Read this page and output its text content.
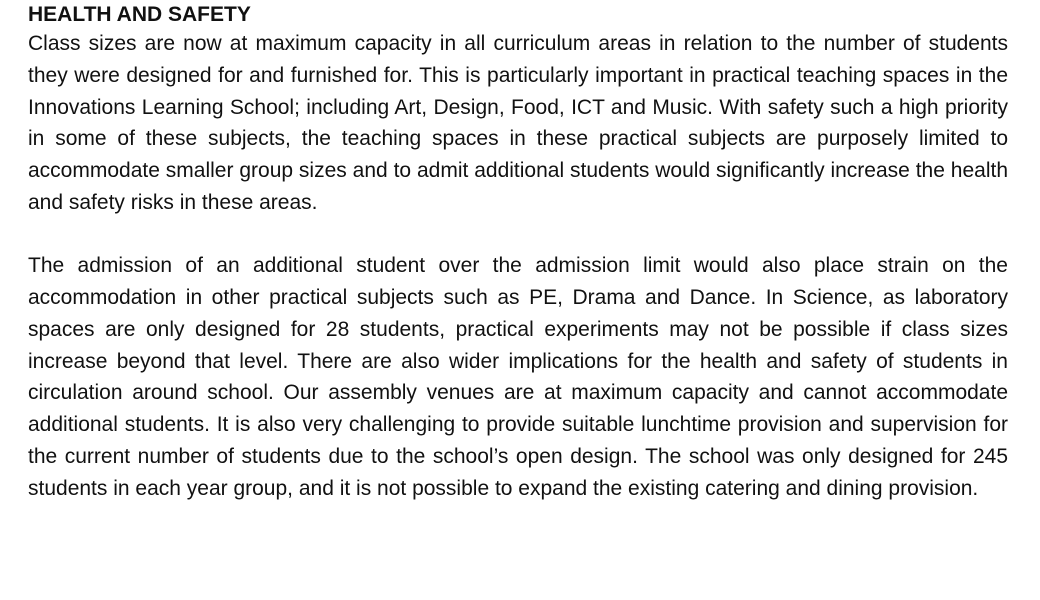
HEALTH AND SAFETY

Class sizes are now at maximum capacity in all curriculum areas in relation to the number of students they were designed for and furnished for. This is particularly important in practical teaching spaces in the Innovations Learning School; including Art, Design, Food, ICT and Music. With safety such a high priority in some of these subjects, the teaching spaces in these practical subjects are purposely limited to accommodate smaller group sizes and to admit additional students would significantly increase the health and safety risks in these areas.

The admission of an additional student over the admission limit would also place strain on the accommodation in other practical subjects such as PE, Drama and Dance. In Science, as laboratory spaces are only designed for 28 students, practical experiments may not be possible if class sizes increase beyond that level. There are also wider implications for the health and safety of students in circulation around school. Our assembly venues are at maximum capacity and cannot accommodate additional students. It is also very challenging to provide suitable lunchtime provision and supervision for the current number of students due to the school’s open design. The school was only designed for 245 students in each year group, and it is not possible to expand the existing catering and dining provision.
